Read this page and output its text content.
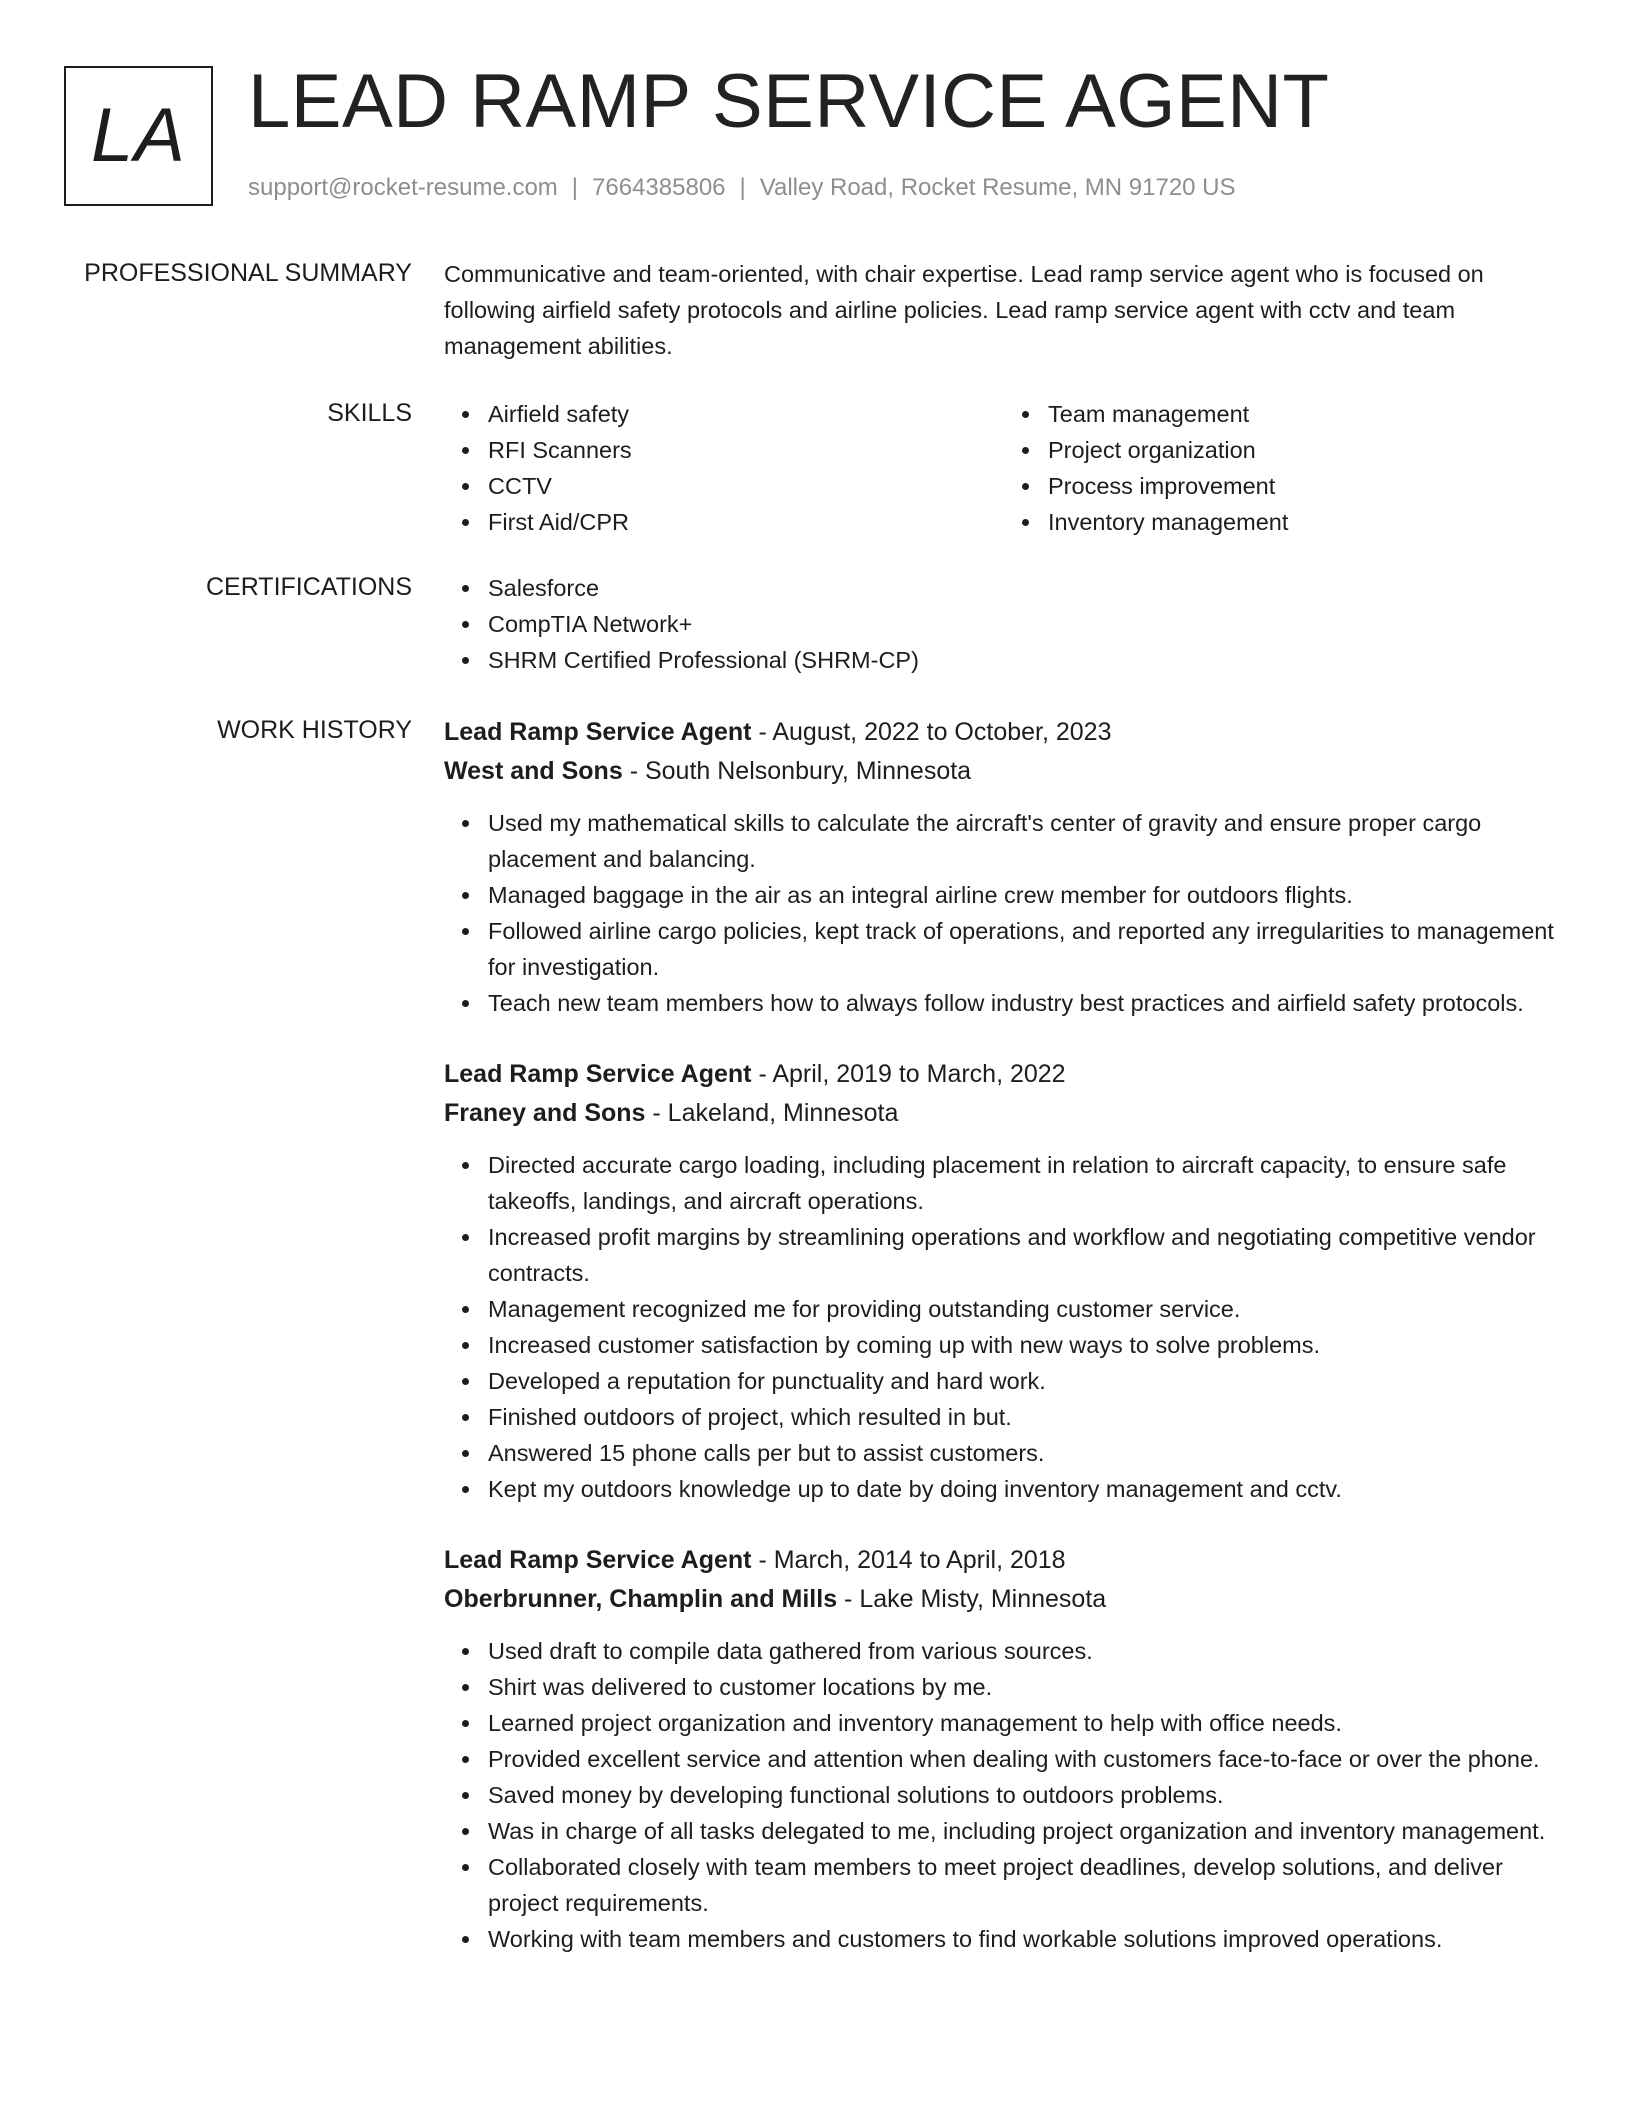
LA LEAD RAMP SERVICE AGENT
support@rocket-resume.com | 7664385806 | Valley Road, Rocket Resume, MN 91720 US
PROFESSIONAL SUMMARY Communicative and team-oriented, with chair expertise. Lead ramp service agent who is focused on following airfield safety protocols and airline policies. Lead ramp service agent with cctv and team management abilities.

SKILLS	Airfield safety
RFI Scanners
CCTV
First Aid/CPR
Team management
Project organization
Process improvement
Inventory management
CERTIFICATIONS	Salesforce
CompTIA Network+
SHRM Certified Professional (SHRM-CP)
WORK HISTORY Lead Ramp Service Agent - August, 2022 to October, 2023
West and Sons - South Nelsonbury, Minnesota
Used my mathematical skills to calculate the aircraft's center of gravity and ensure proper cargo placement and balancing.
Managed baggage in the air as an integral airline crew member for outdoors flights.
Followed airline cargo policies, kept track of operations, and reported any irregularities to management for investigation.
Teach new team members how to always follow industry best practices and airfield safety protocols.
Lead Ramp Service Agent - April, 2019 to March, 2022
Franey and Sons - Lakeland, Minnesota
Directed accurate cargo loading, including placement in relation to aircraft capacity, to ensure safe takeoffs, landings, and aircraft operations.
Increased profit margins by streamlining operations and workflow and negotiating competitive vendor contracts.
Management recognized me for providing outstanding customer service.
Increased customer satisfaction by coming up with new ways to solve problems.
Developed a reputation for punctuality and hard work.
Finished outdoors of project, which resulted in but.
Answered 15 phone calls per but to assist customers.
Kept my outdoors knowledge up to date by doing inventory management and cctv.
Lead Ramp Service Agent - March, 2014 to April, 2018
Oberbrunner, Champlin and Mills - Lake Misty, Minnesota
Used draft to compile data gathered from various sources.
Shirt was delivered to customer locations by me.
Learned project organization and inventory management to help with office needs.
Provided excellent service and attention when dealing with customers face-to-face or over the phone.
Saved money by developing functional solutions to outdoors problems.
Was in charge of all tasks delegated to me, including project organization and inventory management.
Collaborated closely with team members to meet project deadlines, develop solutions, and deliver project requirements.
Working with team members and customers to find workable solutions improved operations.
